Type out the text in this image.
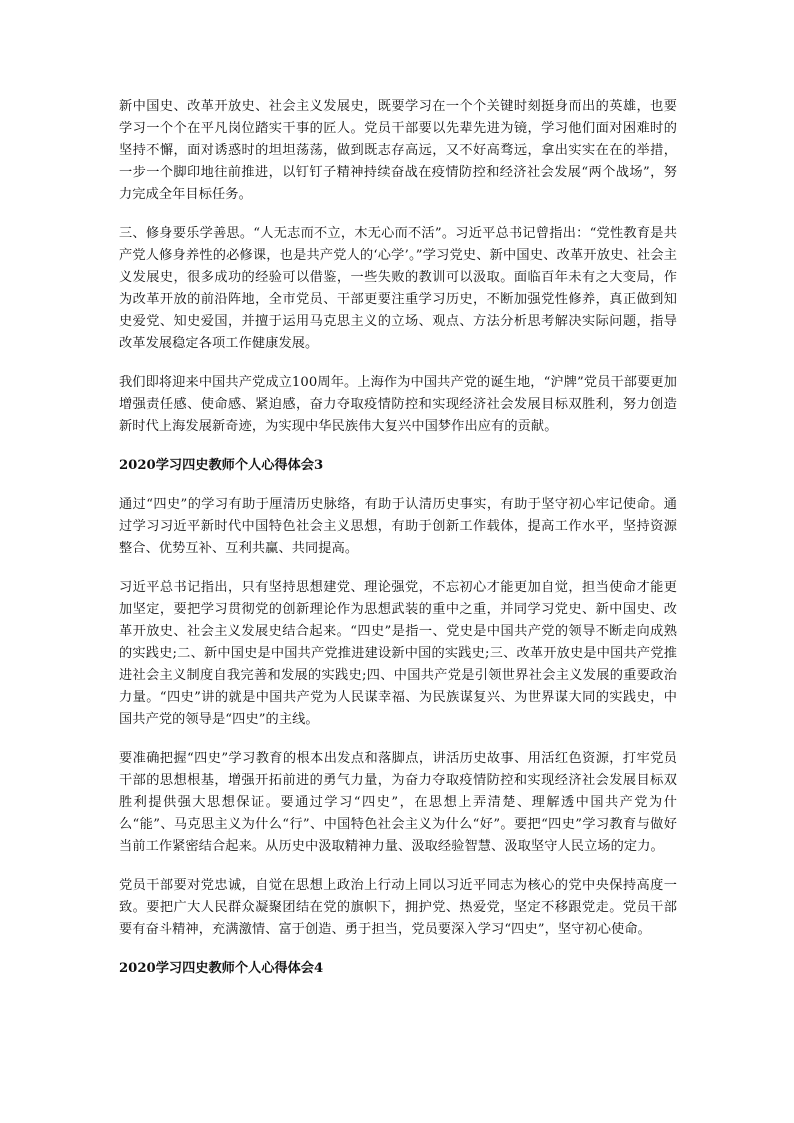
新中国史、改革开放史、社会主义发展史，既要学习在一个个关键时刻挺身而出的英雄，也要学习一个个在平凡岗位踏实干事的匠人。党员干部要以先辈先进为镜，学习他们面对困难时的坚持不懈，面对诱惑时的坦坦荡荡，做到既志存高远，又不好高骛远，拿出实实在在的举措，一步一个脚印地往前推进，以钉钉子精神持续奋战在疫情防控和经济社会发展“两个战场”，努力完成全年目标任务。

三、修身要乐学善思。“人无志而不立，木无心而不活”。习近平总书记曾指出：“党性教育是共产党人修身养性的必修课，也是共产党人的‘心学’。”学习党史、新中国史、改革开放史、社会主义发展史，很多成功的经验可以借鉴，一些失败的教训可以汲取。面临百年未有之大变局，作为改革开放的前沿阵地，全市党员、干部更要注重学习历史，不断加强党性修养，真正做到知史爱党、知史爱国，并擅于运用马克思主义的立场、观点、方法分析思考解决实际问题，指导改革发展稳定各项工作健康发展。

我们即将迎来中国共产党成立100周年。上海作为中国共产党的诞生地，“沪牌”党员干部要更加增强责任感、使命感、紧迫感，奋力夺取疫情防控和实现经济社会发展目标双胜利，努力创造新时代上海发展新奇迹，为实现中华民族伟大复兴中国梦作出应有的贡献。

2020学习四史教师个人心得体会3

通过“四史”的学习有助于厘清历史脉络，有助于认清历史事实，有助于坚守初心牢记使命。通过学习习近平新时代中国特色社会主义思想，有助于创新工作载体，提高工作水平，坚持资源整合、优势互补、互利共赢、共同提高。

习近平总书记指出，只有坚持思想建党、理论强党，不忘初心才能更加自觉，担当使命才能更加坚定，要把学习贯彻党的创新理论作为思想武装的重中之重，并同学习党史、新中国史、改革开放史、社会主义发展史结合起来。“四史”是指一、党史是中国共产党的领导不断走向成熟的实践史;二、新中国史是中国共产党推进建设新中国的实践史;三、改革开放史是中国共产党推进社会主义制度自我完善和发展的实践史;四、中国共产党是引领世界社会主义发展的重要政治力量。“四史”讲的就是中国共产党为人民谋幸福、为民族谋复兴、为世界谋大同的实践史，中国共产党的领导是“四史”的主线。

要准确把握“四史”学习教育的根本出发点和落脚点，讲活历史故事、用活红色资源，打牢党员干部的思想根基，增强开拓前进的勇气力量，为奋力夺取疫情防控和实现经济社会发展目标双胜利提供强大思想保证。要通过学习“四史”，在思想上弄清楚、理解透中国共产党为什么“能”、马克思主义为什么“行”、中国特色社会主义为什么“好”。要把“四史”学习教育与做好当前工作紧密结合起来。从历史中汲取精神力量、汲取经验智慧、汲取坚守人民立场的定力。

党员干部要对党忠诚，自觉在思想上政治上行动上同以习近平同志为核心的党中央保持高度一致。要把广大人民群众凝聚团结在党的旗帜下，拥护党、热爱党，坚定不移跟党走。党员干部要有奋斗精神，充满激情、富于创造、勇于担当，党员要深入学习“四史”，坚守初心使命。

2020学习四史教师个人心得体会4
